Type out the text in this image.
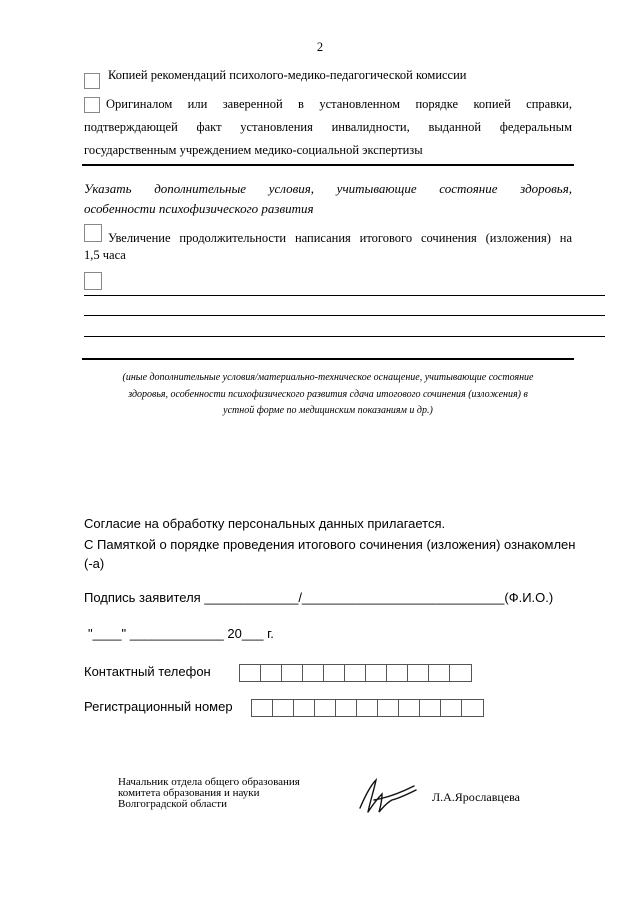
2
Копией рекомендаций психолого-медико-педагогической комиссии
Оригиналом или заверенной в установленном порядке копией справки,
подтверждающей факт установления инвалидности, выданной федеральным
государственным учреждением медико-социальной экспертизы
Указать дополнительные условия, учитывающие состояние здоровья,
особенности психофизического развития
Увеличение продолжительности написания итогового сочинения (изложения) на
1,5 часа
(иные дополнительные условия/материально-техническое оснащение, учитывающие состояние
здоровья, особенности психофизического развития сдача итогового сочинения (изложения) в
устной форме по медицинским показаниям и др.)
Согласие на обработку персональных данных прилагается.
С Памяткой о порядке проведения итогового сочинения (изложения) ознакомлен
(-а)
Подпись заявителя _____________/____________________________(Ф.И.О.)
"____" _____________ 20___ г.
Контактный телефон
Регистрационный номер
Начальник отдела общего образования
комитета образования и науки
Волгоградской области	Л.А.Ярославцева
